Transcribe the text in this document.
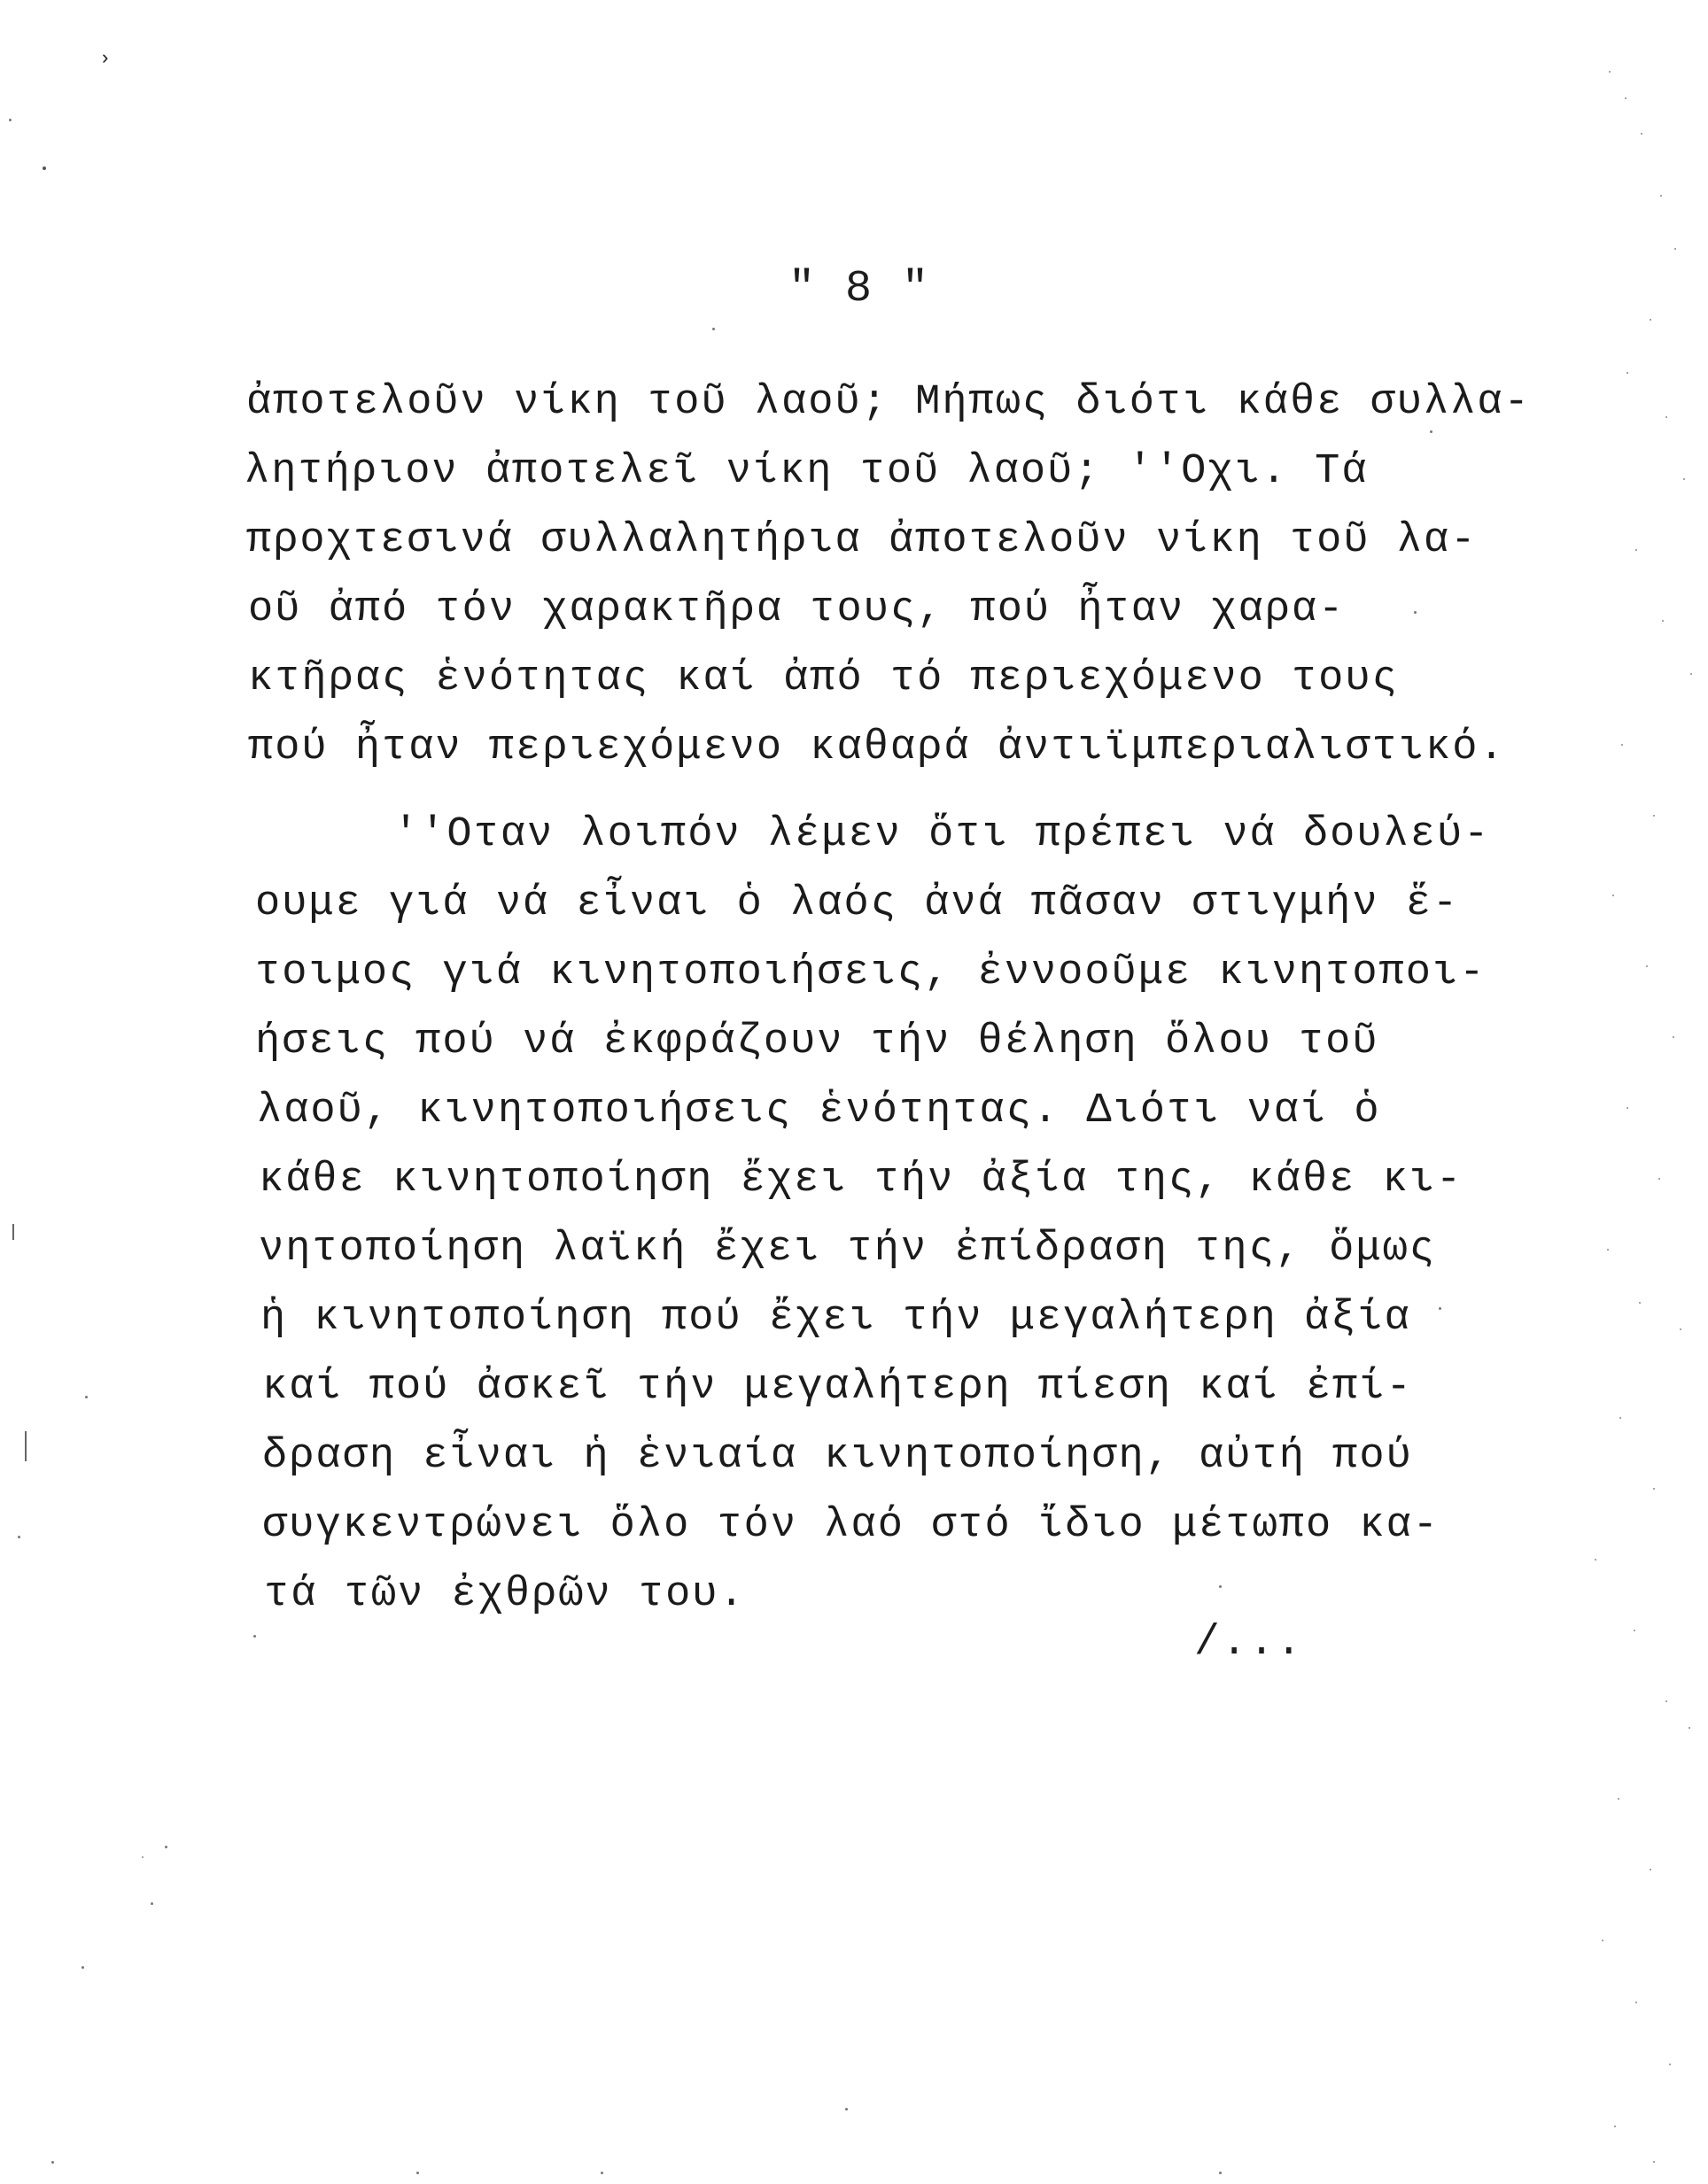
›
" 8 "
ἀποτελοῦν νίκη τοῦ λαοῦ; Μήπως διότι κάθε συλλα-
λητήριον ἀποτελεῖ νίκη τοῦ λαοῦ; ''Οχι. Τά
προχτεσινά συλλαλητήρια ἀποτελοῦν νίκη τοῦ λα-
οῦ ἀπό τόν χαρακτῆρα τους, πού ἦταν χαρα-
κτῆρας ἑνότητας καί ἀπό τό περιεχόμενο τους
πού ἦταν περιεχόμενο καθαρά ἀντιϊμπεριαλιστικό.
''Οταν λοιπόν λέμεν ὅτι πρέπει νά δουλεύ-
ουμε γιά νά εἶναι ὁ λαός ἀνά πᾶσαν στιγμήν ἕ-
τοιμος γιά κινητοποιήσεις, ἐννοοῦμε κινητοποι-
ήσεις πού νά ἐκφράζουν τήν θέληση ὅλου τοῦ
λαοῦ, κινητοποιήσεις ἑνότητας. Διότι ναί ὁ
κάθε κινητοποίηση ἔχει τήν ἀξία της, κάθε κι-
νητοποίηση λαϊκή ἔχει τήν ἐπίδραση της, ὅμως
ἡ κινητοποίηση πού ἔχει τήν μεγαλήτερη ἀξία
καί πού ἀσκεῖ τήν μεγαλήτερη πίεση καί ἐπί-
δραση εἶναι ἡ ἑνιαία κινητοποίηση, αὐτή πού
συγκεντρώνει ὅλο τόν λαό στό ἴδιο μέτωπο κα-
τά τῶν ἐχθρῶν του.
/...
